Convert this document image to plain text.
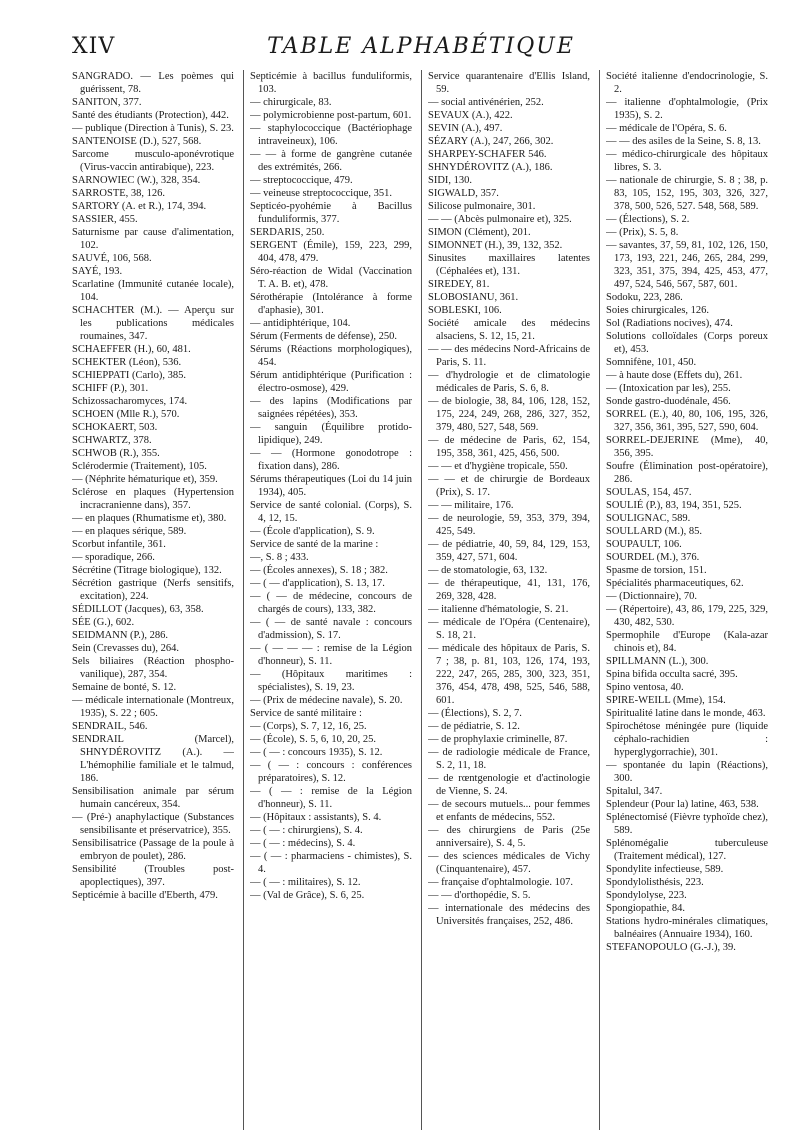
XIV	TABLE ALPHABÉTIQUE
SANGRADO. — Les poèmes qui guérissent, 78.
SANITON, 377.
Santé des étudiants (Protection), 442.
— publique (Direction à Tunis), S. 23.
SANTENOISE (D.), 527, 568.
Sarcome musculo-aponévrotique (Virus-vaccin antirabique), 223.
SARNOWIEC (W.), 328, 354.
SARROSTE, 38, 126.
SARTORY (A. et R.), 174, 394.
SASSIER, 455.
Saturnisme par cause d'alimentation, 102.
SAUVÉ, 106, 568.
SAYÉ, 193.
Scarlatine (Immunité cutanée locale), 104.
SCHACHTER (M.). — Aperçu sur les publications médicales roumaines, 347.
SCHAEFFER (H.), 60, 481.
SCHEKTER (Léon), 536.
SCHIEPPATI (Carlo), 385.
SCHIFF (P.), 301.
Schizossacharomyces, 174.
SCHOEN (Mlle R.), 570.
SCHOKAERT, 503.
SCHWARTZ, 378.
SCHWOB (R.), 355.
Sclérodermie (Traitement), 105.
— (Néphrite hématurique et), 359.
Sclérose en plaques (Hypertension incracranienne dans), 357.
— en plaques (Rhumatisme et), 380.
— en plaques sérique, 589.
Scorbut infantile, 361.
— sporadique, 266.
Sécrétine (Titrage biologique), 132.
Sécrétion gastrique (Nerfs sensitifs, excitation), 224.
SÉDILLOT (Jacques), 63, 358.
SÉE (G.), 602.
SEIDMANN (P.), 286.
Sein (Crevasses du), 264.
Sels biliaires (Réaction phospho-vanilique), 287, 354.
Semaine de bonté, S. 12.
— médicale internationale (Montreux, 1935), S. 22 ; 605.
SENDRAIL, 546.
SENDRAIL (Marcel), SHNYDÉROVITZ (A.). — L'hémophilie familiale et le talmud, 186.
Sensibilisation animale par sérum humain cancéreux, 354.
— (Pré-) anaphylactique (Substances sensibilisante et préservatrice), 355.
Sensibilisatrice (Passage de la poule à embryon de poulet), 286.
Sensibilité (Troubles post-apoplectiques), 397.
Septicémie à bacille d'Eberth, 479.
Septicémie à bacillus funduliformis, 103.
— chirurgicale, 83.
— polymicrobienne post-partum, 601.
— staphylococcique (Bactériophage intraveineux), 106.
— — à forme de gangrène cutanée des extrémités, 266.
— streptococcique, 479.
— veineuse streptococcique, 351.
Septicéo-pyohémie à Bacillus funduliformis, 377.
SERDARIS, 250.
SERGENT (Émile), 159, 223, 299, 404, 478, 479.
Séro-réaction de Widal (Vaccination T. A. B. et), 478.
Sérothérapie (Intolérance à forme d'aphasie), 301.
— antidiphtérique, 104.
Sérum (Ferments de défense), 250.
Sérums (Réactions morphologiques), 454.
Sérum antidiphtérique (Purification : électro-osmose), 429.
— des lapins (Modifications par saignées répétées), 353.
— sanguin (Équilibre protido-lipidique), 249.
— — (Hormone gonodotrope : fixation dans), 286.
Sérums thérapeutiques (Loi du 14 juin 1934), 405.
Service de santé colonial. (Corps), S. 4, 12, 15.
— (École d'application), S. 9.
Service de santé de la marine :
—, S. 8 ; 433.
— (Écoles annexes), S. 18 ; 382.
— ( — d'application), S. 13, 17.
— ( — de médecine, concours de chargés de cours), 133, 382.
— ( — de santé navale : concours d'admission), S. 17.
— ( — — — : remise de la Légion d'honneur), S. 11.
— (Hôpitaux maritimes : spécialistes), S. 19, 23.
— (Prix de médecine navale), S. 20.
Service de santé militaire :
— (Corps), S. 7, 12, 16, 25.
— (École), S. 5, 6, 10, 20, 25.
— ( — : concours 1935), S. 12.
— ( — : concours : conférences préparatoires), S. 12.
— ( — : remise de la Légion d'honneur), S. 11.
— (Hôpitaux : assistants), S. 4.
— ( — : chirurgiens), S. 4.
— ( — : médecins), S. 4.
— ( — : pharmaciens - chimistes), S. 4.
— ( — : militaires), S. 12.
— (Val de Grâce), S. 6, 25.
Service quarantenaire d'Ellis Island, 59.
— social antivénérien, 252.
SEVAUX (A.), 422.
SEVIN (A.), 497.
SÉZARY (A.), 247, 266, 302.
SHARPEY-SCHAFER 546.
SHNYDÉROVITZ (A.), 186.
SIDI, 130.
SIGWALD, 357.
Silicose pulmonaire, 301.
— — (Abcès pulmonaire et), 325.
SIMON (Clément), 201.
SIMONNET (H.), 39, 132, 352.
Sinusites maxillaires latentes (Céphalées et), 131.
SIREDEY, 81.
SLOBOSIANU, 361.
SOBLESKI, 106.
Société amicale des médecins alsaciens, S. 12, 15, 21.
— — des médecins Nord-Africains de Paris, S. 11.
— d'hydrologie et de climatologie médicales de Paris, S. 6, 8.
— de biologie, 38, 84, 106, 128, 152, 175, 224, 249, 268, 286, 327, 352, 379, 480, 527, 548, 569.
— de médecine de Paris, 62, 154, 195, 358, 361, 425, 456, 500.
— — et d'hygiène tropicale, 550.
— — et de chirurgie de Bordeaux (Prix), S. 17.
— — militaire, 176.
— de neurologie, 59, 353, 379, 394, 425, 549.
— de pédiatrie, 40, 59, 84, 129, 153, 359, 427, 571, 604.
— de stomatologie, 63, 132.
— de thérapeutique, 41, 131, 176, 269, 328, 428.
— italienne d'hématologie, S. 21.
— médicale de l'Opéra (Centenaire), S. 18, 21.
— médicale des hôpitaux de Paris, S. 7 ; 38, p. 81, 103, 126, 174, 193, 222, 247, 265, 285, 300, 323, 351, 376, 454, 478, 498, 525, 546, 588, 601.
— (Élections), S. 2, 7.
— de pédiatrie, S. 12.
— de prophylaxie criminelle, 87.
— de radiologie médicale de France, S. 2, 11, 18.
— de rœntgenologie et d'actinologie de Vienne, S. 24.
— de secours mutuels... pour femmes et enfants de médecins, 552.
— des chirurgiens de Paris (25e anniversaire), S. 4, 5.
— des sciences médicales de Vichy (Cinquantenaire), 457.
— française d'ophtalmologie. 107.
— — d'orthopédie, S. 5.
— internationale des médecins des Universités françaises, 252, 486.
Société italienne d'endocrinologie, S. 2.
— italienne d'ophtalmologie, (Prix 1935), S. 2.
— médicale de l'Opéra, S. 6.
— — des asiles de la Seine, S. 8, 13.
— médico-chirurgicale des hôpitaux libres, S. 3.
— nationale de chirurgie, S. 8 ; 38, p. 83, 105, 152, 195, 303, 326, 327, 378, 500, 526, 527. 548, 568, 589.
— (Élections), S. 2.
— (Prix), S. 5, 8.
— savantes, 37, 59, 81, 102, 126, 150, 173, 193, 221, 246, 265, 284, 299, 323, 351, 375, 394, 425, 453, 477, 497, 524, 546, 567, 587, 601.
Sodoku, 223, 286.
Soies chirurgicales, 126.
Sol (Radiations nocives), 474.
Solutions colloïdales (Corps poreux et), 453.
Somnifène, 101, 450.
— à haute dose (Effets du), 261.
— (Intoxication par les), 255.
Sonde gastro-duodénale, 456.
SORREL (E.), 40, 80, 106, 195, 326, 327, 356, 361, 395, 527, 590, 604.
SORREL-DEJERINE (Mme), 40, 356, 395.
Soufre (Élimination post-opératoire), 286.
SOULAS, 154, 457.
SOULIÉ (P.), 83, 194, 351, 525.
SOULIGNAC, 589.
SOULLARD (M.), 85.
SOUPAULT, 106.
SOURDEL (M.), 376.
Spasme de torsion, 151.
Spécialités pharmaceutiques, 62.
— (Dictionnaire), 70.
— (Répertoire), 43, 86, 179, 225, 329, 430, 482, 530.
Spermophile d'Europe (Kala-azar chinois et), 84.
SPILLMANN (L.), 300.
Spina bifida occulta sacré, 395.
Spino ventosa, 40.
SPIRE-WEILL (Mme), 154.
Spiritualité latine dans le monde, 463.
Spirochétose méningée pure (liquide céphalo-rachidien : hyperglygorrachie), 301.
— spontanée du lapin (Réactions), 300.
Spitalul, 347.
Splendeur (Pour la) latine, 463, 538.
Splénectomisé (Fièvre typhoïde chez), 589.
Splénomégalie tuberculeuse (Traitement médical), 127.
Spondylite infectieuse, 589.
Spondylolisthésis, 223.
Spondylolyse, 223.
Spongiopathie, 84.
Stations hydro-minérales climatiques, balnéaires (Annuaire 1934), 160.
STEFANOPOULO (G.-J.), 39.
